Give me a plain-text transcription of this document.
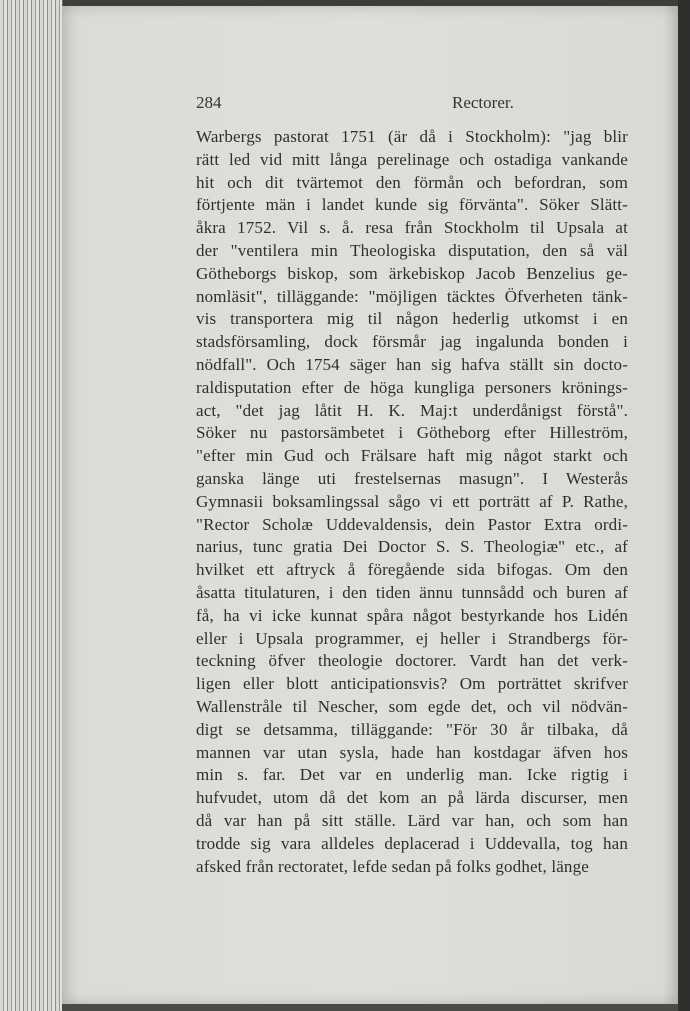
284	Rectorer.
Warbergs pastorat 1751 (är då i Stockholm): "jag blir
rätt led vid mitt långa perelinage och ostadiga vankande
hit och dit tvärtemot den förmån och befordran, som
förtjente män i landet kunde sig förvänta". Söker Slätt-
åkra 1752. Vil s. å. resa från Stockholm til Upsala at
der "ventilera min Theologiska disputation, den så väl
Götheborgs biskop, som ärkebiskop Jacob Benzelius ge-
nomläsit", tilläggande: "möjligen täcktes Öfverheten tänk-
vis transportera mig til någon hederlig utkomst i en
stadsförsamling, dock försmår jag ingalunda bonden i
nödfall". Och 1754 säger han sig hafva ställt sin docto-
raldisputation efter de höga kungliga personers krönings-
act, "det jag låtit H. K. Maj:t underdånigst förstå".
Söker nu pastorsämbetet i Götheborg efter Hilleström,
"efter min Gud och Frälsare haft mig något starkt och
ganska länge uti frestelsernas masugn". I Westerås
Gymnasii boksamlingssal sågo vi ett porträtt af P. Rathe,
"Rector Scholæ Uddevaldensis, dein Pastor Extra ordi-
narius, tunc gratia Dei Doctor S. S. Theologiæ" etc., af
hvilket ett aftryck å föregående sida bifogas. Om den
åsatta titulaturen, i den tiden ännu tunnsådd och buren af
få, ha vi icke kunnat spåra något bestyrkande hos Lidén
eller i Upsala programmer, ej heller i Strandbergs för-
teckning öfver theologie doctorer. Vardt han det verk-
ligen eller blott anticipationsvis? Om porträttet skrifver
Wallenstråle til Nescher, som egde det, och vil nödvän-
digt se detsamma, tilläggande: "För 30 år tilbaka, då
mannen var utan sysla, hade han kostdagar äfven hos
min s. far. Det var en underlig man. Icke rigtig i
hufvudet, utom då det kom an på lärda discurser, men
då var han på sitt ställe. Lärd var han, och som han
trodde sig vara alldeles deplacerad i Uddevalla, tog han
afsked från rectoratet, lefde sedan på folks godhet, länge
